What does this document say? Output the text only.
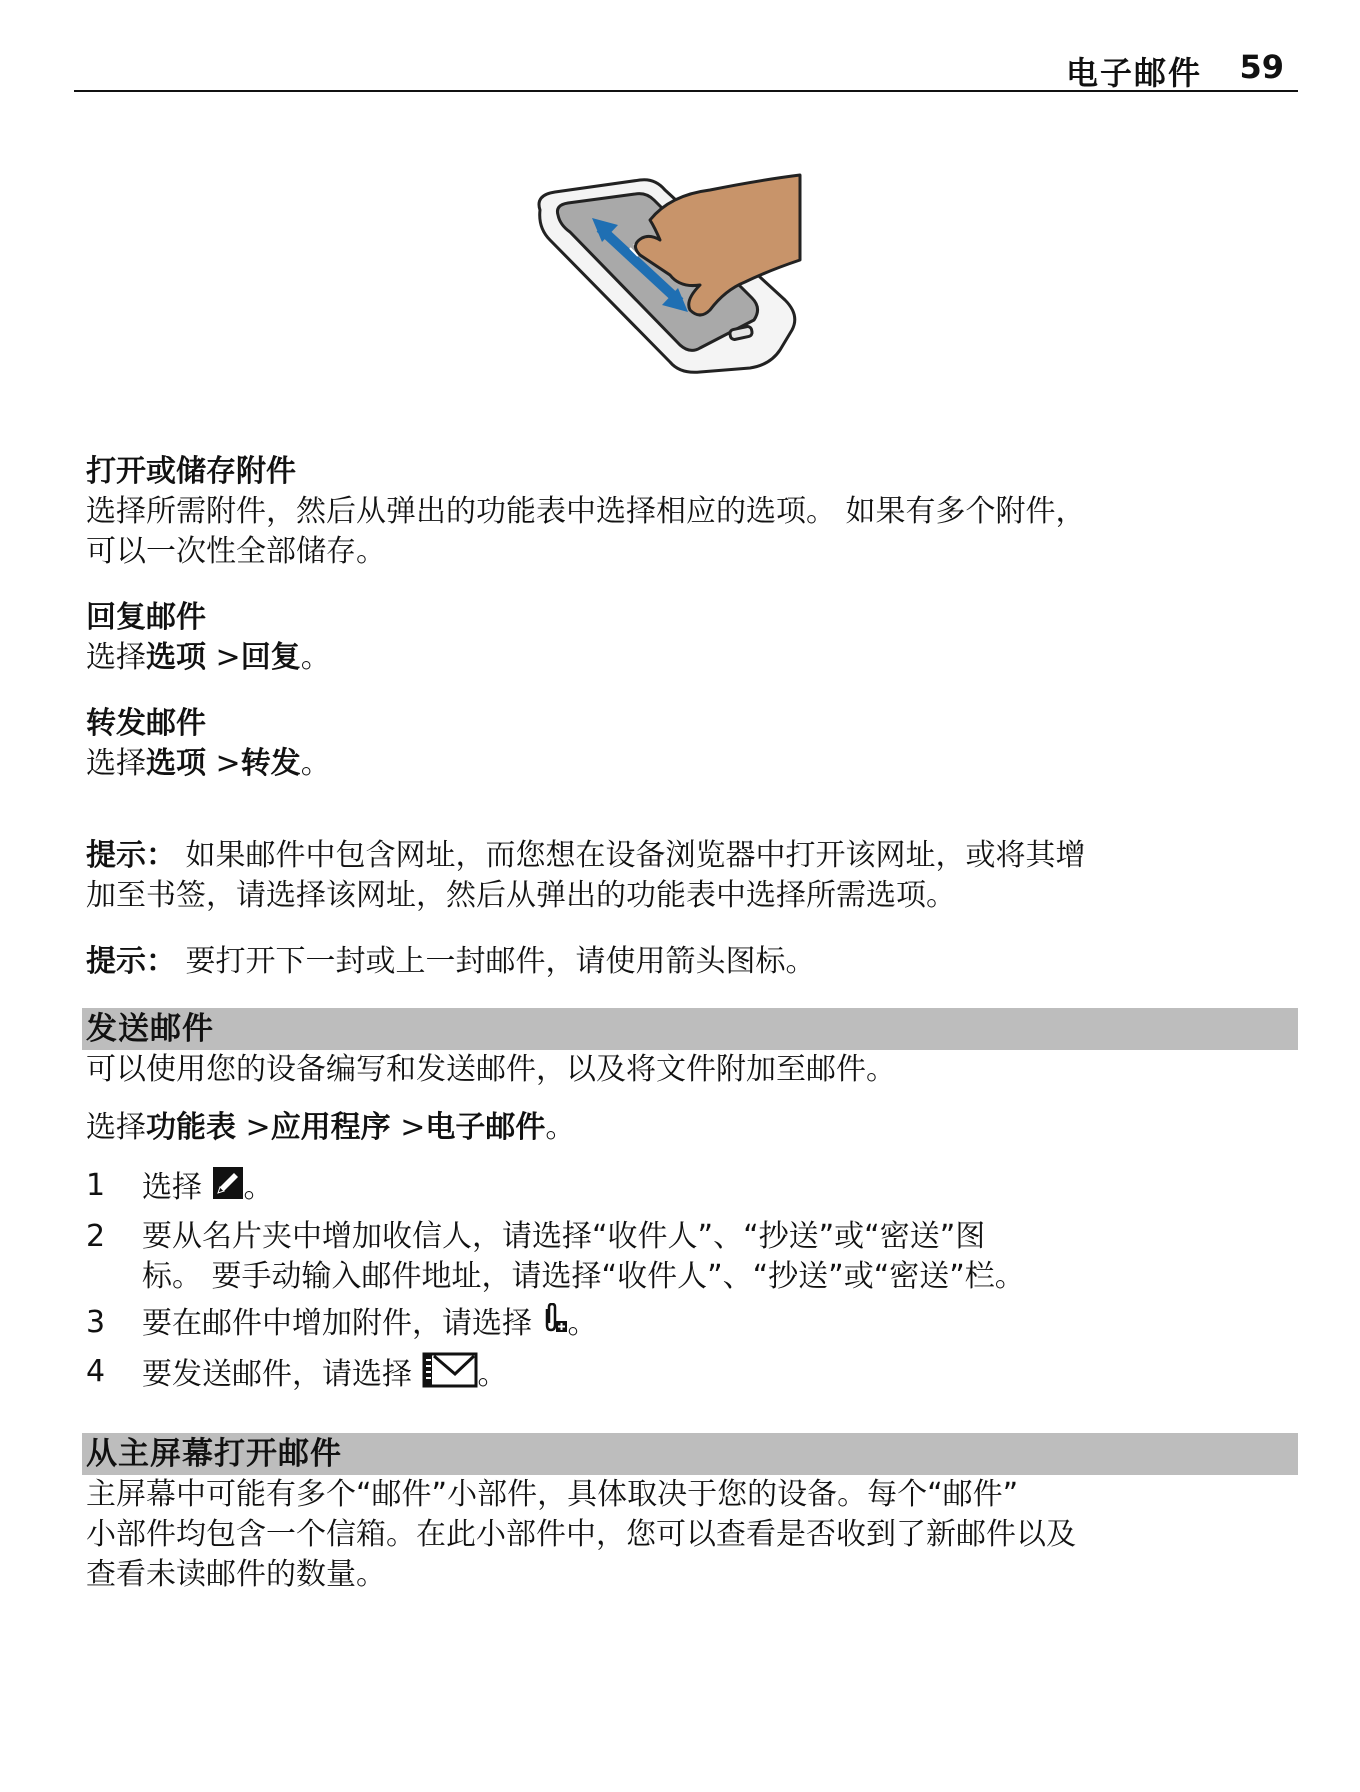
电子邮件 59

打开或储存附件

选择所需附件，然后从弹出的功能表中选择相应的选项。 如果有多个附件，

可以一次性全部储存。

回复邮件

选择选项 >回复。

转发邮件

选择选项 >转发。

提示： 如果邮件中包含网址，而您想在设备浏览器中打开该网址，或将其增

加至书签，请选择该网址，然后从弹出的功能表中选择所需选项。

提示： 要打开下一封或上一封邮件，请使用箭头图标。

发送邮件

可以使用您的设备编写和发送邮件，以及将文件附加至邮件。

选择功能表 >应用程序 >电子邮件。

1 选择 。
2 要从名片夹中增加收信人，请选择“收件人”、“抄送”或“密送”图
标。 要手动输入邮件地址，请选择“收件人”、“抄送”或“密送”栏。
3 要在邮件中增加附件，请选择 。
4 要发送邮件，请选择 。
从主屏幕打开邮件

主屏幕中可能有多个“邮件”小部件，具体取决于您的设备。每个“邮件”

小部件均包含一个信箱。在此小部件中，您可以查看是否收到了新邮件以及

查看未读邮件的数量。
